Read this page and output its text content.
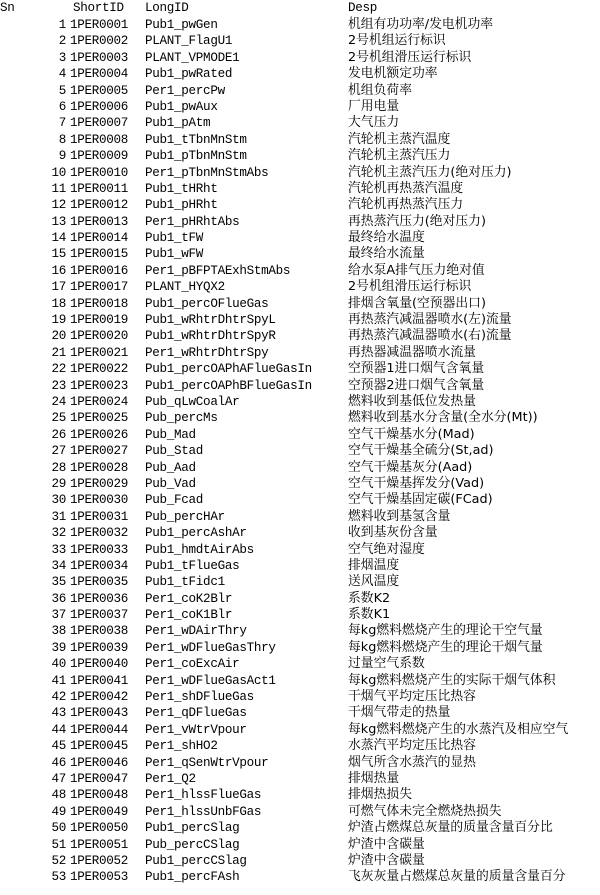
Sn	ShortID LongID	Desp
1 1PER0001 Pub1_pwGen	机组有功功率/发电机功率
2 1PER0002 PLANT_FlagU1	2号机组运行标识
3 1PER0003 PLANT_VPMODE1	2号机组滑压运行标识
4 1PER0004 Pub1_pwRated	发电机额定功率
5 1PER0005 Per1_percPw	机组负荷率
6 1PER0006 Pub1_pwAux	厂用电量
7 1PER0007 Pub1_pAtm	大气压力
8 1PER0008 Pub1_tTbnMnStm	汽轮机主蒸汽温度
9 1PER0009 Pub1_pTbnMnStm	汽轮机主蒸汽压力
10 1PER0010 Per1_pTbnMnStmAbs	汽轮机主蒸汽压力(绝对压力)
11 1PER0011 Pub1_tHRht	汽轮机再热蒸汽温度
12 1PER0012 Pub1_pHRht	汽轮机再热蒸汽压力
13 1PER0013 Per1_pHRhtAbs	再热蒸汽压力(绝对压力)
14 1PER0014 Pub1_tFW	最终给水温度
15 1PER0015 Pub1_wFW	最终给水流量
16 1PER0016 Per1_pBFPTAExhStmAbs	给水泵A排气压力绝对值
17 1PER0017 PLANT_HYQX2	2号机组滑压运行标识
18 1PER0018 Pub1_percOFlueGas	排烟含氧量(空预器出口)
19 1PER0019 Pub1_wRhtrDhtrSpyL	再热蒸汽减温器喷水(左)流量
20 1PER0020 Pub1_wRhtrDhtrSpyR	再热蒸汽减温器喷水(右)流量
21 1PER0021 Per1_wRhtrDhtrSpy	再热器减温器喷水流量
22 1PER0022 Pub1_percOAPhAFlueGasIn	空预器1进口烟气含氧量
23 1PER0023 Pub1_percOAPhBFlueGasIn	空预器2进口烟气含氧量
24 1PER0024 Pub_qLwCoalAr	燃料收到基低位发热量
25 1PER0025 Pub_percMs	燃料收到基水分含量(全水分(Mt))
26 1PER0026 Pub_Mad	空气干燥基水分(Mad)
27 1PER0027 Pub_Stad	空气干燥基全硫分(St,ad)
28 1PER0028 Pub_Aad	空气干燥基灰分(Aad)
29 1PER0029 Pub_Vad	空气干燥基挥发分(Vad)
30 1PER0030 Pub_Fcad	空气干燥基固定碳(FCad)
31 1PER0031 Pub_percHAr	燃料收到基氢含量
32 1PER0032 Pub1_percAshAr	收到基灰份含量
33 1PER0033 Pub1_hmdtAirAbs	空气绝对湿度
34 1PER0034 Pub1_tFlueGas	排烟温度
35 1PER0035 Pub1_tFidc1	送风温度
36 1PER0036 Per1_coK2Blr	系数K2
37 1PER0037 Per1_coK1Blr	系数K1
38 1PER0038 Per1_wDAirThry	每kg燃料燃烧产生的理论干空气量
39 1PER0039 Per1_wDFlueGasThry	每kg燃料燃烧产生的理论干烟气量
40 1PER0040 Per1_coExcAir	过量空气系数
41 1PER0041 Per1_wDFlueGasAct1	每kg燃料燃烧产生的实际干烟气体积
42 1PER0042 Per1_shDFlueGas	干烟气平均定压比热容
43 1PER0043 Per1_qDFlueGas	干烟气带走的热量
44 1PER0044 Per1_vWtrVpour	每kg燃料燃烧产生的水蒸汽及相应空气
45 1PER0045 Per1_shHO2	水蒸汽平均定压比热容
46 1PER0046 Per1_qSenWtrVpour	烟气所含水蒸汽的显热
47 1PER0047 Per1_Q2	排烟热量
48 1PER0048 Per1_hlssFlueGas	排烟热损失
49 1PER0049 Per1_hlssUnbFGas	可燃气体未完全燃烧热损失
50 1PER0050 Pub1_percSlag	炉渣占燃煤总灰量的质量含量百分比
51 1PER0051 Pub_percCSlag	炉渣中含碳量
52 1PER0052 Pub1_percCSlag	炉渣中含碳量
53 1PER0053 Pub1_percFAsh	飞灰灰量占燃煤总灰量的质量含量百分
